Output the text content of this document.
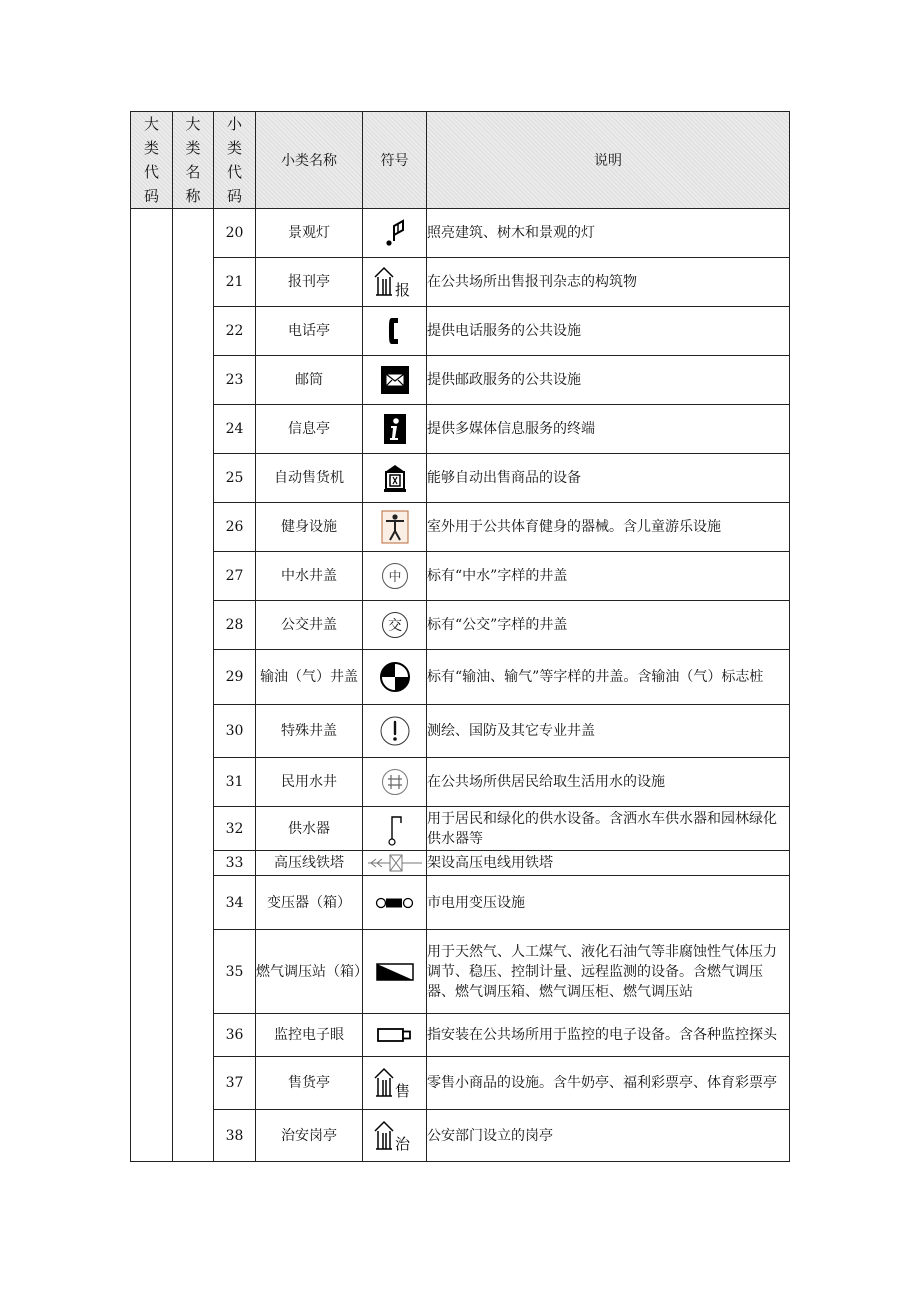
大类代码	大类名称	小类代码	小类名称	符号	说明
		20	景观灯		照亮建筑、树木和景观的灯
		21	报刊亭	报	在公共场所出售报刊杂志的构筑物
		22	电话亭		提供电话服务的公共设施
		23	邮筒		提供邮政服务的公共设施
		24	信息亭		提供多媒体信息服务的终端
		25	自动售货机		能够自动出售商品的设备
		26	健身设施		室外用于公共体育健身的器械。含儿童游乐设施
		27	中水井盖	中	标有“中水”字样的井盖
		28	公交井盖	交	标有“公交”字样的井盖
		29	输油（气）井盖		标有“输油、输气”等字样的井盖。含输油（气）标志桩
		30	特殊井盖		测绘、国防及其它专业井盖
		31	民用水井		在公共场所供居民给取生活用水的设施
		32	供水器		用于居民和绿化的供水设备。含洒水车供水器和园林绿化供水器等
		33	高压线铁塔		架设高压电线用铁塔
		34	变压器（箱）		市电用变压设施
		35	燃气调压站（箱）		用于天然气、人工煤气、液化石油气等非腐蚀性气体压力调节、稳压、控制计量、远程监测的设备。含燃气调压器、燃气调压箱、燃气调压柜、燃气调压站
		36	监控电子眼		指安装在公共场所用于监控的电子设备。含各种监控探头
		37	售货亭	售	零售小商品的设施。含牛奶亭、福利彩票亭、体育彩票亭
		38	治安岗亭	治	公安部门设立的岗亭
